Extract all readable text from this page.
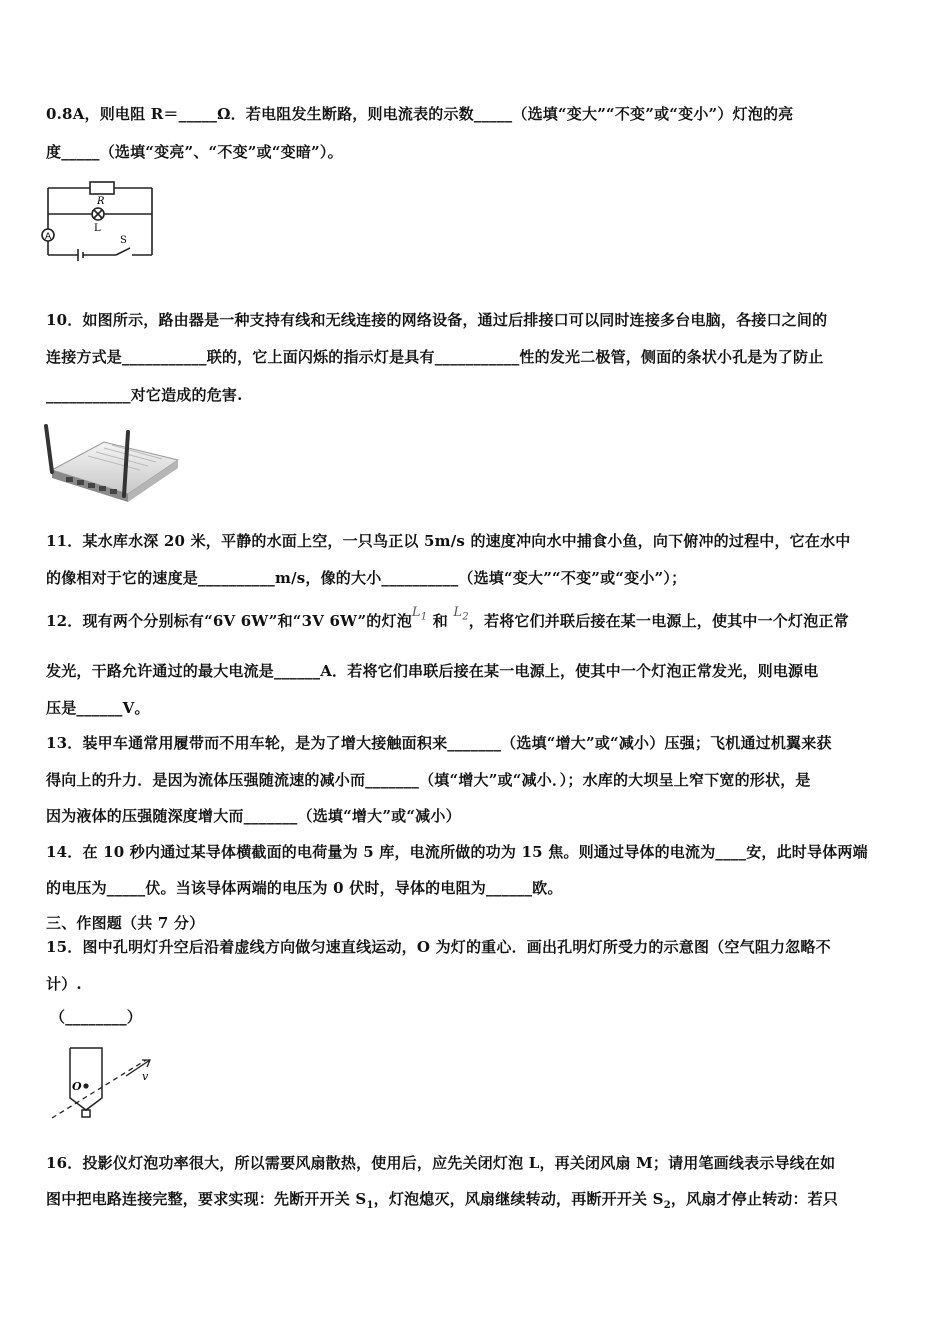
0.8A，则电阻 R＝_____Ω．若电阻发生断路，则电流表的示数_____（选填“变大”“不变”或“变小”）灯泡的亮
度_____（选填“变亮”、“不变”或“变暗”）。
A
R
L
S
10．如图所示，路由器是一种支持有线和无线连接的网络设备，通过后排接口可以同时连接多台电脑，各接口之间的
连接方式是___________联的，它上面闪烁的指示灯是具有___________性的发光二极管，侧面的条状小孔是为了防止
___________对它造成的危害.
11．某水库水深 20 米，平静的水面上空，一只鸟正以 5m/s 的速度冲向水中捕食小鱼，向下俯冲的过程中，它在水中
的像相对于它的速度是__________m/s，像的大小__________（选填“变大”“不变”或“变小”）；
12．现有两个分别标有“6V 6W”和“3V 6W”的灯泡$L_1$ 和 $L_2$，若将它们并联后接在某一电源上，使其中一个灯泡正常
发光，干路允许通过的最大电流是______A．若将它们串联后接在某一电源上，使其中一个灯泡正常发光，则电源电
压是______V。
13．装甲车通常用履带而不用车轮，是为了增大接触面积来_______（选填“增大”或“减小）压强；飞机通过机翼来获
得向上的升力．是因为流体压强随流速的减小而_______（填“增大”或“减小．）；水库的大坝呈上窄下宽的形状，是
因为液体的压强随深度增大而_______（选填“增大”或“减小）
14．在 10 秒内通过某导体横截面的电荷量为 5 库，电流所做的功为 15 焦。则通过导体的电流为____安，此时导体两端
的电压为_____伏。当该导体两端的电压为 0 伏时，导体的电阻为______欧。
三、作图题（共 7 分）
15．图中孔明灯升空后沿着虚线方向做匀速直线运动，O 为灯的重心．画出孔明灯所受力的示意图（空气阻力忽略不
计）.
（________）
O
v
16．投影仪灯泡功率很大，所以需要风扇散热，使用后，应先关闭灯泡 L，再关闭风扇 M；请用笔画线表示导线在如
图中把电路连接完整，要求实现：先断开开关 $S_1$，灯泡熄灭，风扇继续转动，再断开开关 $S_2$，风扇才停止转动：若只
